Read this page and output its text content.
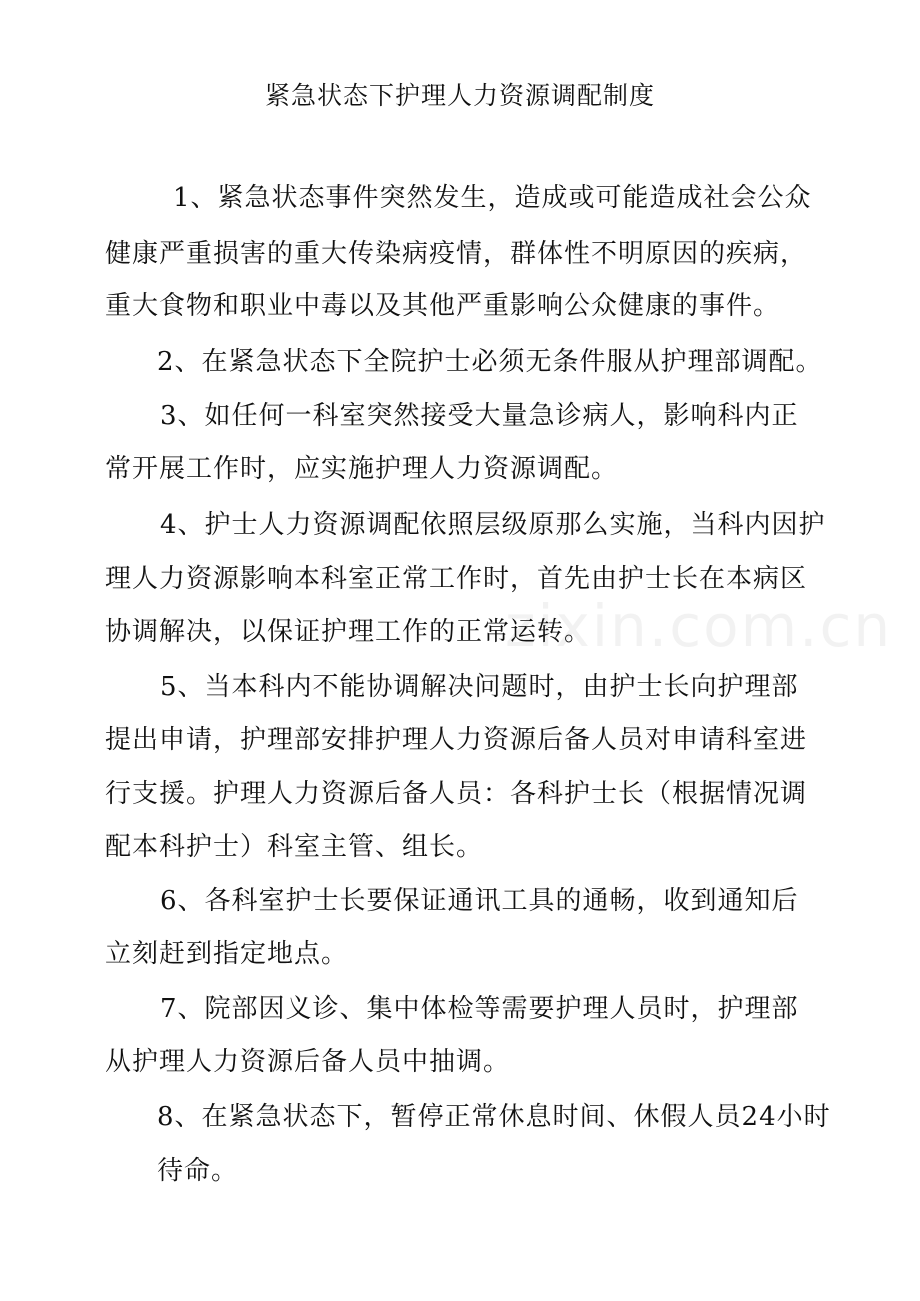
zixin.com.cn
紧急状态下护理人力资源调配制度
1、紧急状态事件突然发生，造成或可能造成社会公众
健康严重损害的重大传染病疫情，群体性不明原因的疾病，
重大食物和职业中毒以及其他严重影响公众健康的事件。
2、在紧急状态下全院护士必须无条件服从护理部调配。
3、如任何一科室突然接受大量急诊病人，影响科内正
常开展工作时，应实施护理人力资源调配。
4、护士人力资源调配依照层级原那么实施，当科内因护
理人力资源影响本科室正常工作时，首先由护士长在本病区
协调解决，以保证护理工作的正常运转。
5、当本科内不能协调解决问题时，由护士长向护理部
提出申请，护理部安排护理人力资源后备人员对申请科室进
行支援。护理人力资源后备人员：各科护士长（根据情况调
配本科护士）科室主管、组长。
6、各科室护士长要保证通讯工具的通畅，收到通知后
立刻赶到指定地点。
7、院部因义诊、集中体检等需要护理人员时，护理部
从护理人力资源后备人员中抽调。
8、在紧急状态下，暂停正常休息时间、休假人员24小时
待命。
